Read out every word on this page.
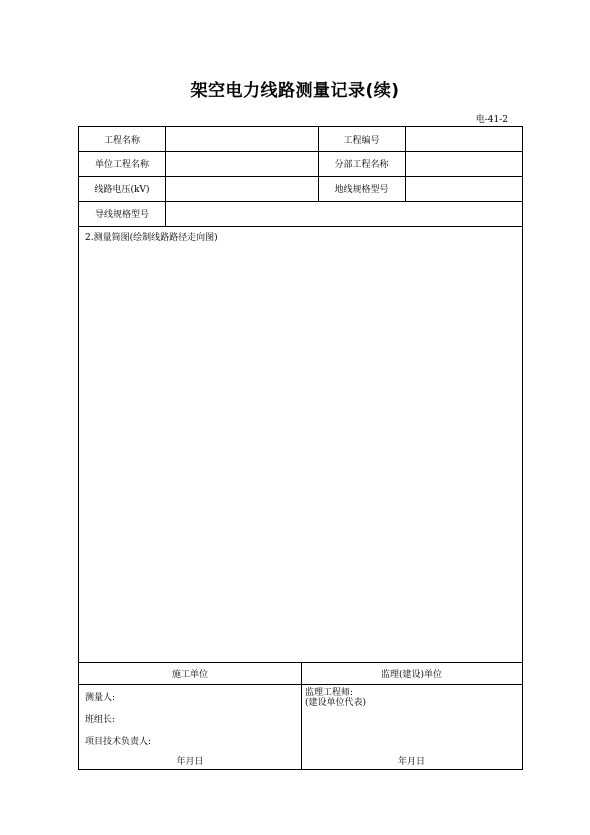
架空电力线路测量记录(续)
电-41-2
工程名称	工程编号
单位工程名称	分部工程名称
线路电压(kV)	地线规格型号
导线规格型号
2.测量简图(绘制线路路径走向图)
施工单位	监理(建设)单位
测量人:
班组长:
项目技术负责人:
年月日
监理工程师:
(建设单位代表)
年月日
